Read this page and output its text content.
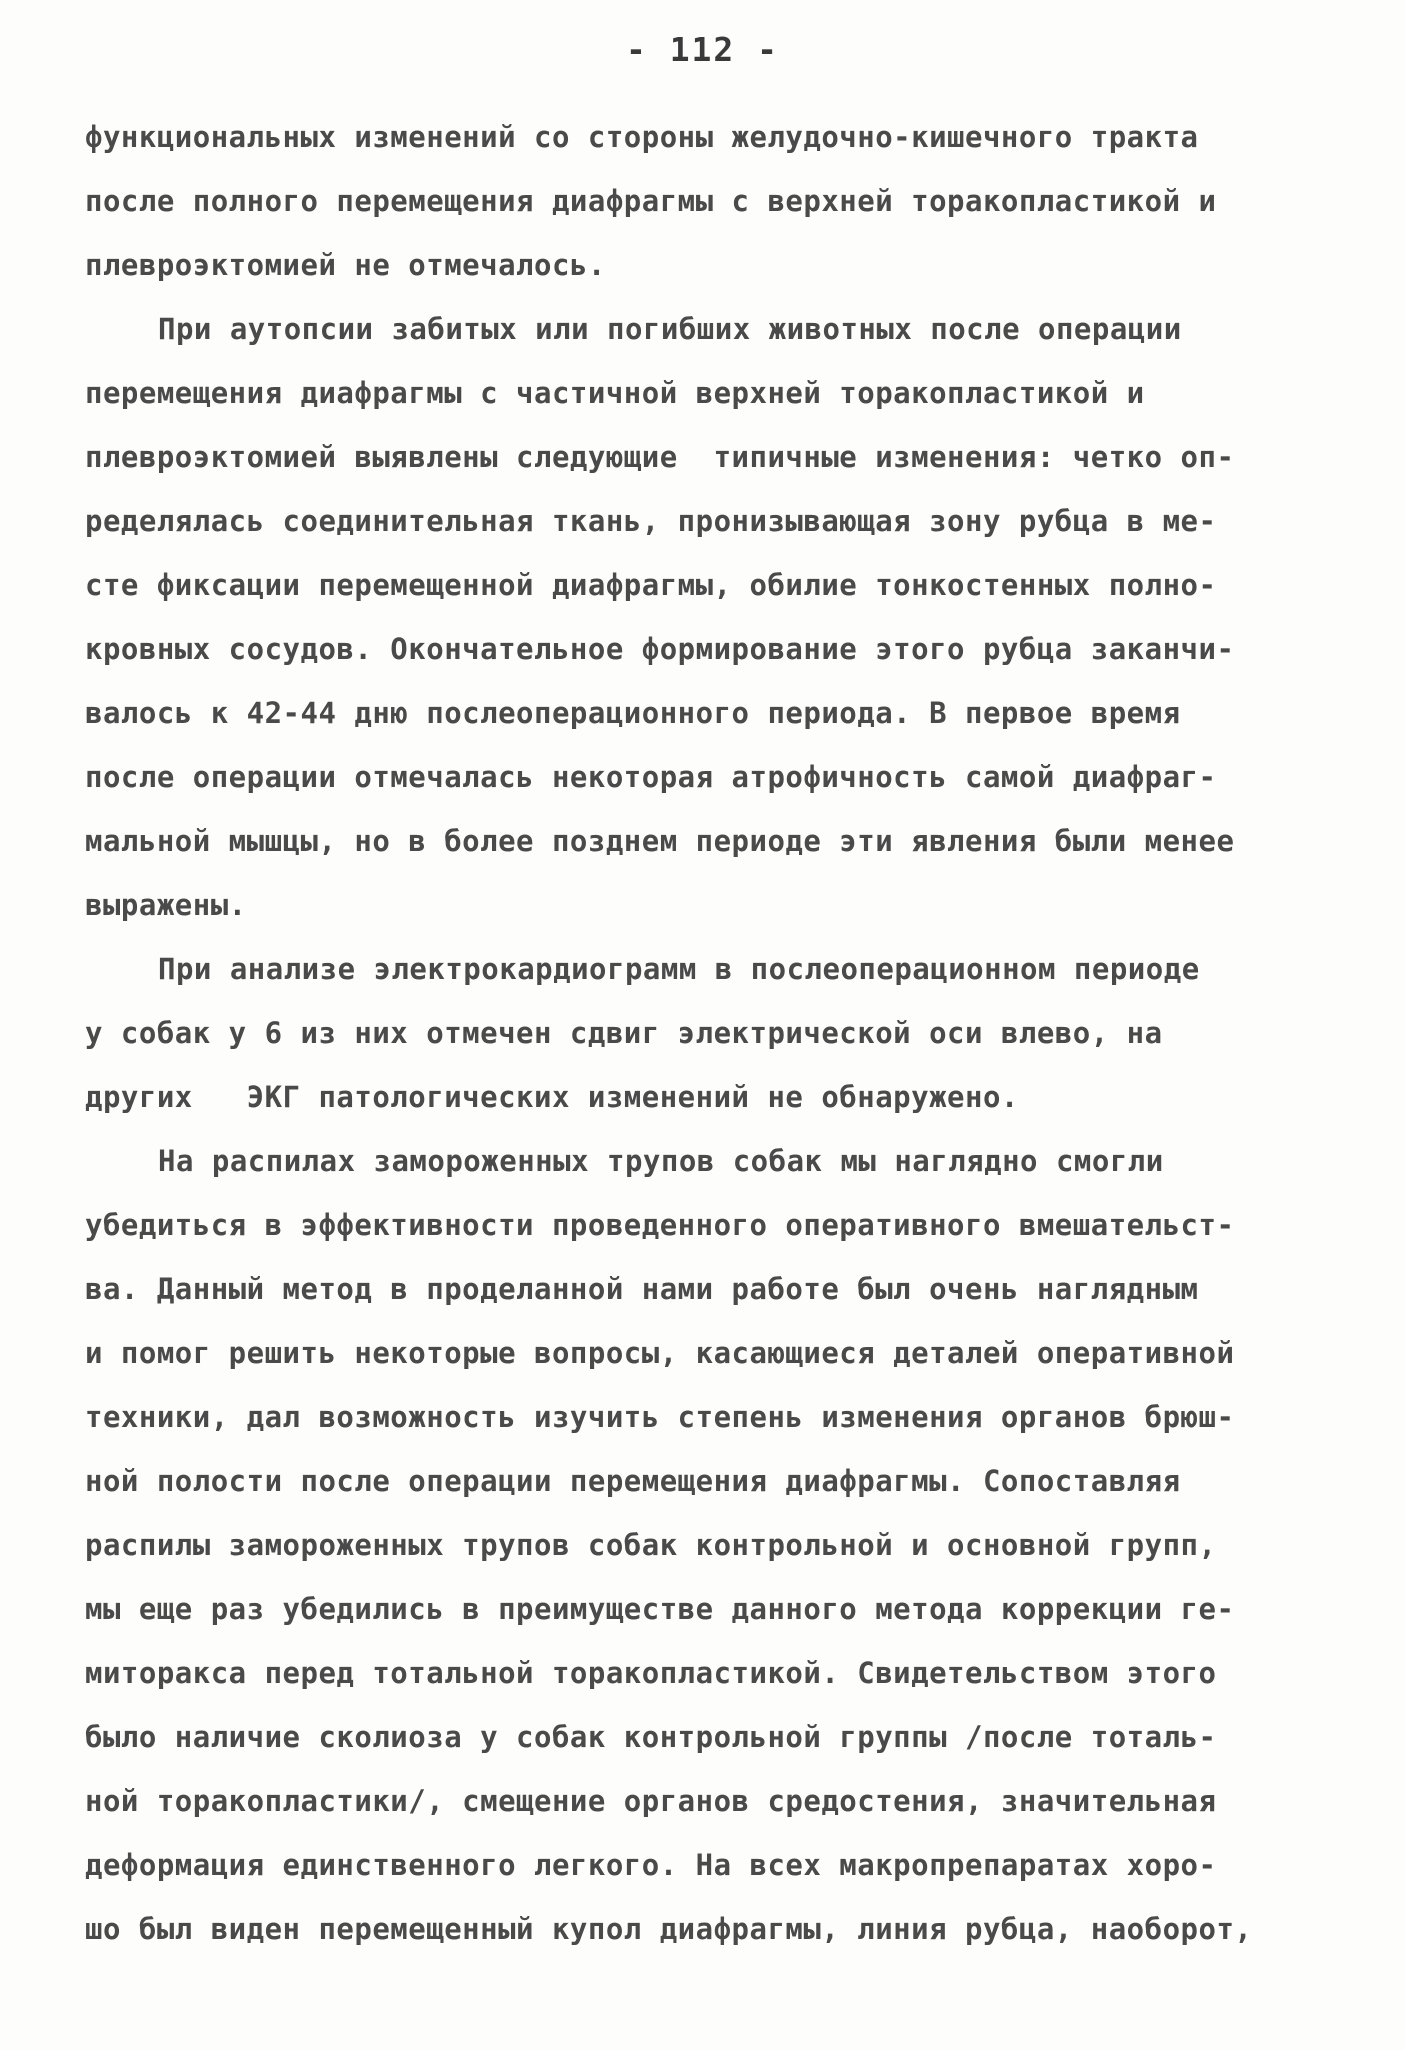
- 112 -
функциональных изменений со стороны желудочно-кишечного тракта
после полного перемещения диафрагмы с верхней торакопластикой и
плевроэктомией не отмечалось.
При аутопсии забитых или погибших животных после операции
перемещения диафрагмы с частичной верхней торакопластикой и
плевроэктомией выявлены следующие  типичные изменения: четко оп-
ределялась соединительная ткань, пронизывающая зону рубца в ме-
сте фиксации перемещенной диафрагмы, обилие тонкостенных полно-
кровных сосудов. Окончательное формирование этого рубца заканчи-
валось к 42-44 дню послеоперационного периода. В первое время
после операции отмечалась некоторая атрофичность самой диафраг-
мальной мышцы, но в более позднем периоде эти явления были менее
выражены.
При анализе электрокардиограмм в послеоперационном периоде
у собак у 6 из них отмечен сдвиг электрической оси влево, на
других   ЭКГ патологических изменений не обнаружено.
На распилах замороженных трупов собак мы наглядно смогли
убедиться в эффективности проведенного оперативного вмешательст-
ва. Данный метод в проделанной нами работе был очень наглядным
и помог решить некоторые вопросы, касающиеся деталей оперативной
техники, дал возможность изучить степень изменения органов брюш-
ной полости после операции перемещения диафрагмы. Сопоставляя
распилы замороженных трупов собак контрольной и основной групп,
мы еще раз убедились в преимуществе данного метода коррекции ге-
миторакса перед тотальной торакопластикой. Свидетельством этого
было наличие сколиоза у собак контрольной группы /после тоталь-
ной торакопластики/, смещение органов средостения, значительная
деформация единственного легкого. На всех макропрепаратах хоро-
шо был виден перемещенный купол диафрагмы, линия рубца, наоборот,
